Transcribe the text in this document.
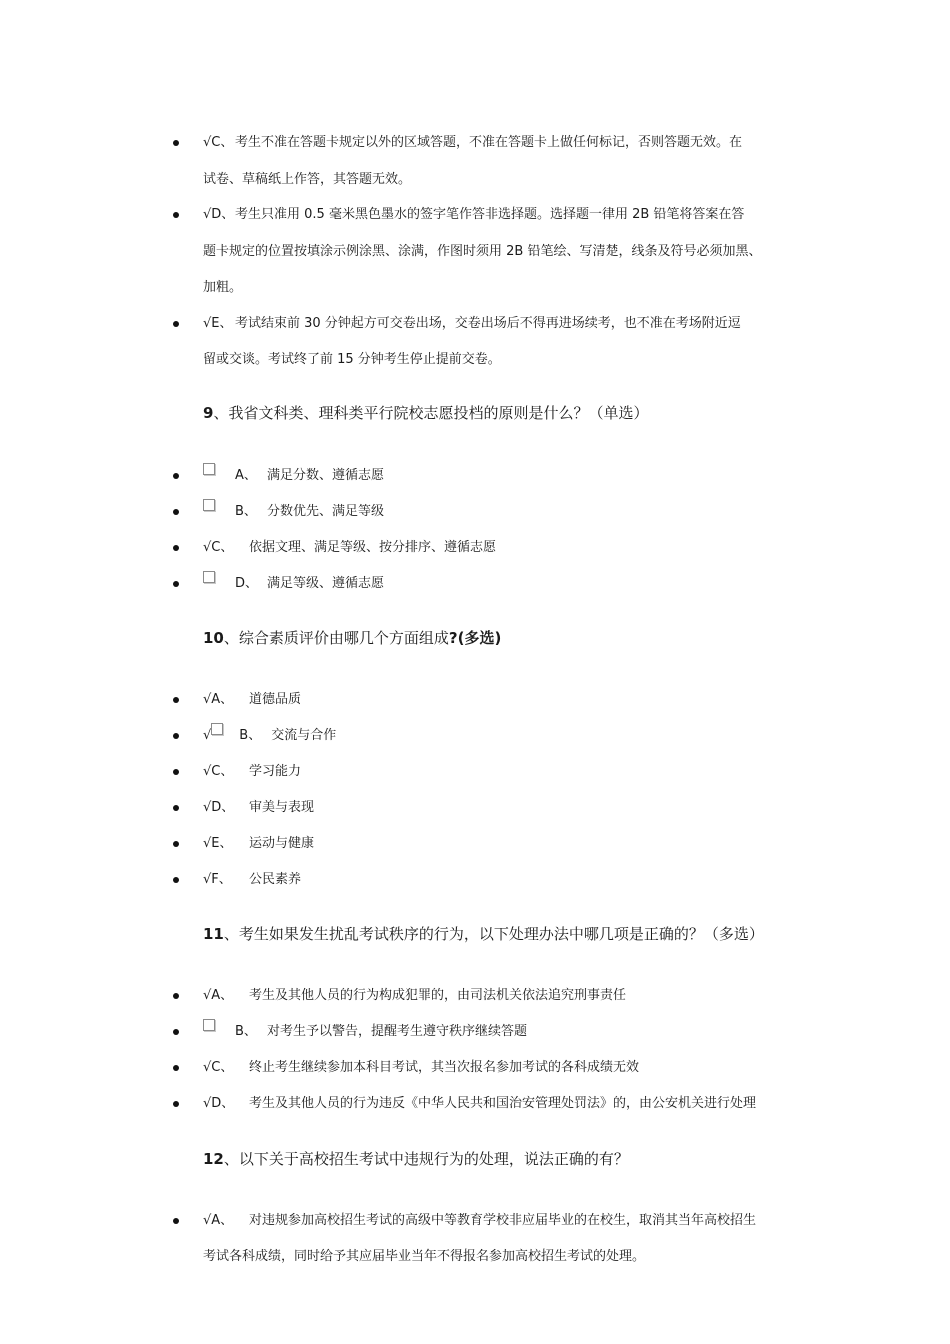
√C、 考生不准在答题卡规定以外的区域答题，不准在答题卡上做任何标记，否则答题无效。在
试卷、草稿纸上作答，其答题无效。
√D、考生只准用 0.5 毫米黑色墨水的签字笔作答非选择题。选择题一律用 2B 铅笔将答案在答
题卡规定的位置按填涂示例涂黑、涂满，作图时须用 2B 铅笔绘、写清楚，线条及符号必须加黑、
加粗。
√E、 考试结束前 30 分钟起方可交卷出场，交卷出场后不得再进场续考，也不准在考场附近逗
留或交谈。考试终了前 15 分钟考生停止提前交卷。
9、我省文科类、理科类平行院校志愿投档的原则是什么？（单选）
A、 满足分数、遵循志愿
B、 分数优先、满足等级
√C、 依据文理、满足等级、按分排序、遵循志愿
D、 满足等级、遵循志愿
10、综合素质评价由哪几个方面组成?(多选)
√A、 道德品质
√ B、 交流与合作
√C、 学习能力
√D、 审美与表现
√E、 运动与健康
√F、 公民素养
11、考生如果发生扰乱考试秩序的行为，以下处理办法中哪几项是正确的？（多选）
√A、 考生及其他人员的行为构成犯罪的，由司法机关依法追究刑事责任
B、 对考生予以警告，提醒考生遵守秩序继续答题
√C、 终止考生继续参加本科目考试，其当次报名参加考试的各科成绩无效
√D、 考生及其他人员的行为违反《中华人民共和国治安管理处罚法》的，由公安机关进行处理
12、以下关于高校招生考试中违规行为的处理，说法正确的有？
√A、 对违规参加高校招生考试的高级中等教育学校非应届毕业的在校生，取消其当年高校招生
考试各科成绩，同时给予其应届毕业当年不得报名参加高校招生考试的处理。
